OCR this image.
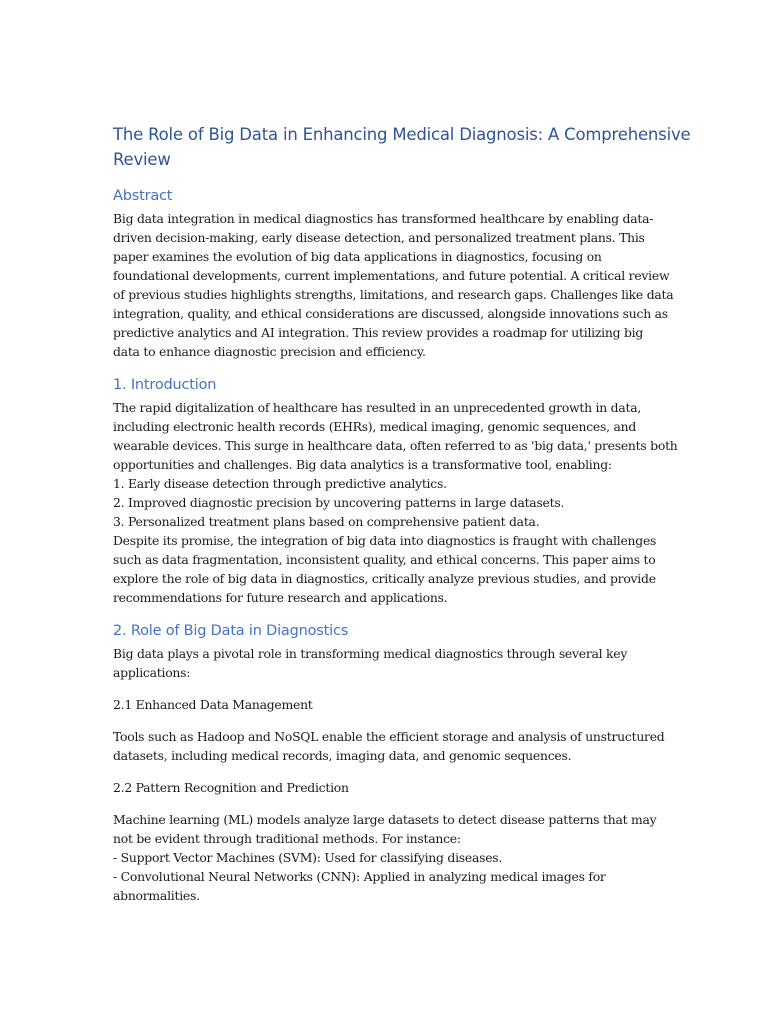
The Role of Big Data in Enhancing Medical Diagnosis: A Comprehensive
Review
Abstract

Big data integration in medical diagnostics has transformed healthcare by enabling data-
driven decision-making, early disease detection, and personalized treatment plans. This
paper examines the evolution of big data applications in diagnostics, focusing on
foundational developments, current implementations, and future potential. A critical review
of previous studies highlights strengths, limitations, and research gaps. Challenges like data
integration, quality, and ethical considerations are discussed, alongside innovations such as
predictive analytics and AI integration. This review provides a roadmap for utilizing big
data to enhance diagnostic precision and efficiency.

1. Introduction

The rapid digitalization of healthcare has resulted in an unprecedented growth in data,
including electronic health records (EHRs), medical imaging, genomic sequences, and
wearable devices. This surge in healthcare data, often referred to as 'big data,' presents both
opportunities and challenges. Big data analytics is a transformative tool, enabling:
1. Early disease detection through predictive analytics.
2. Improved diagnostic precision by uncovering patterns in large datasets.
3. Personalized treatment plans based on comprehensive patient data.
Despite its promise, the integration of big data into diagnostics is fraught with challenges
such as data fragmentation, inconsistent quality, and ethical concerns. This paper aims to
explore the role of big data in diagnostics, critically analyze previous studies, and provide
recommendations for future research and applications.

2. Role of Big Data in Diagnostics

Big data plays a pivotal role in transforming medical diagnostics through several key
applications:

2.1 Enhanced Data Management

Tools such as Hadoop and NoSQL enable the efficient storage and analysis of unstructured
datasets, including medical records, imaging data, and genomic sequences.

2.2 Pattern Recognition and Prediction

Machine learning (ML) models analyze large datasets to detect disease patterns that may
not be evident through traditional methods. For instance:
- Support Vector Machines (SVM): Used for classifying diseases.
- Convolutional Neural Networks (CNN): Applied in analyzing medical images for
abnormalities.
